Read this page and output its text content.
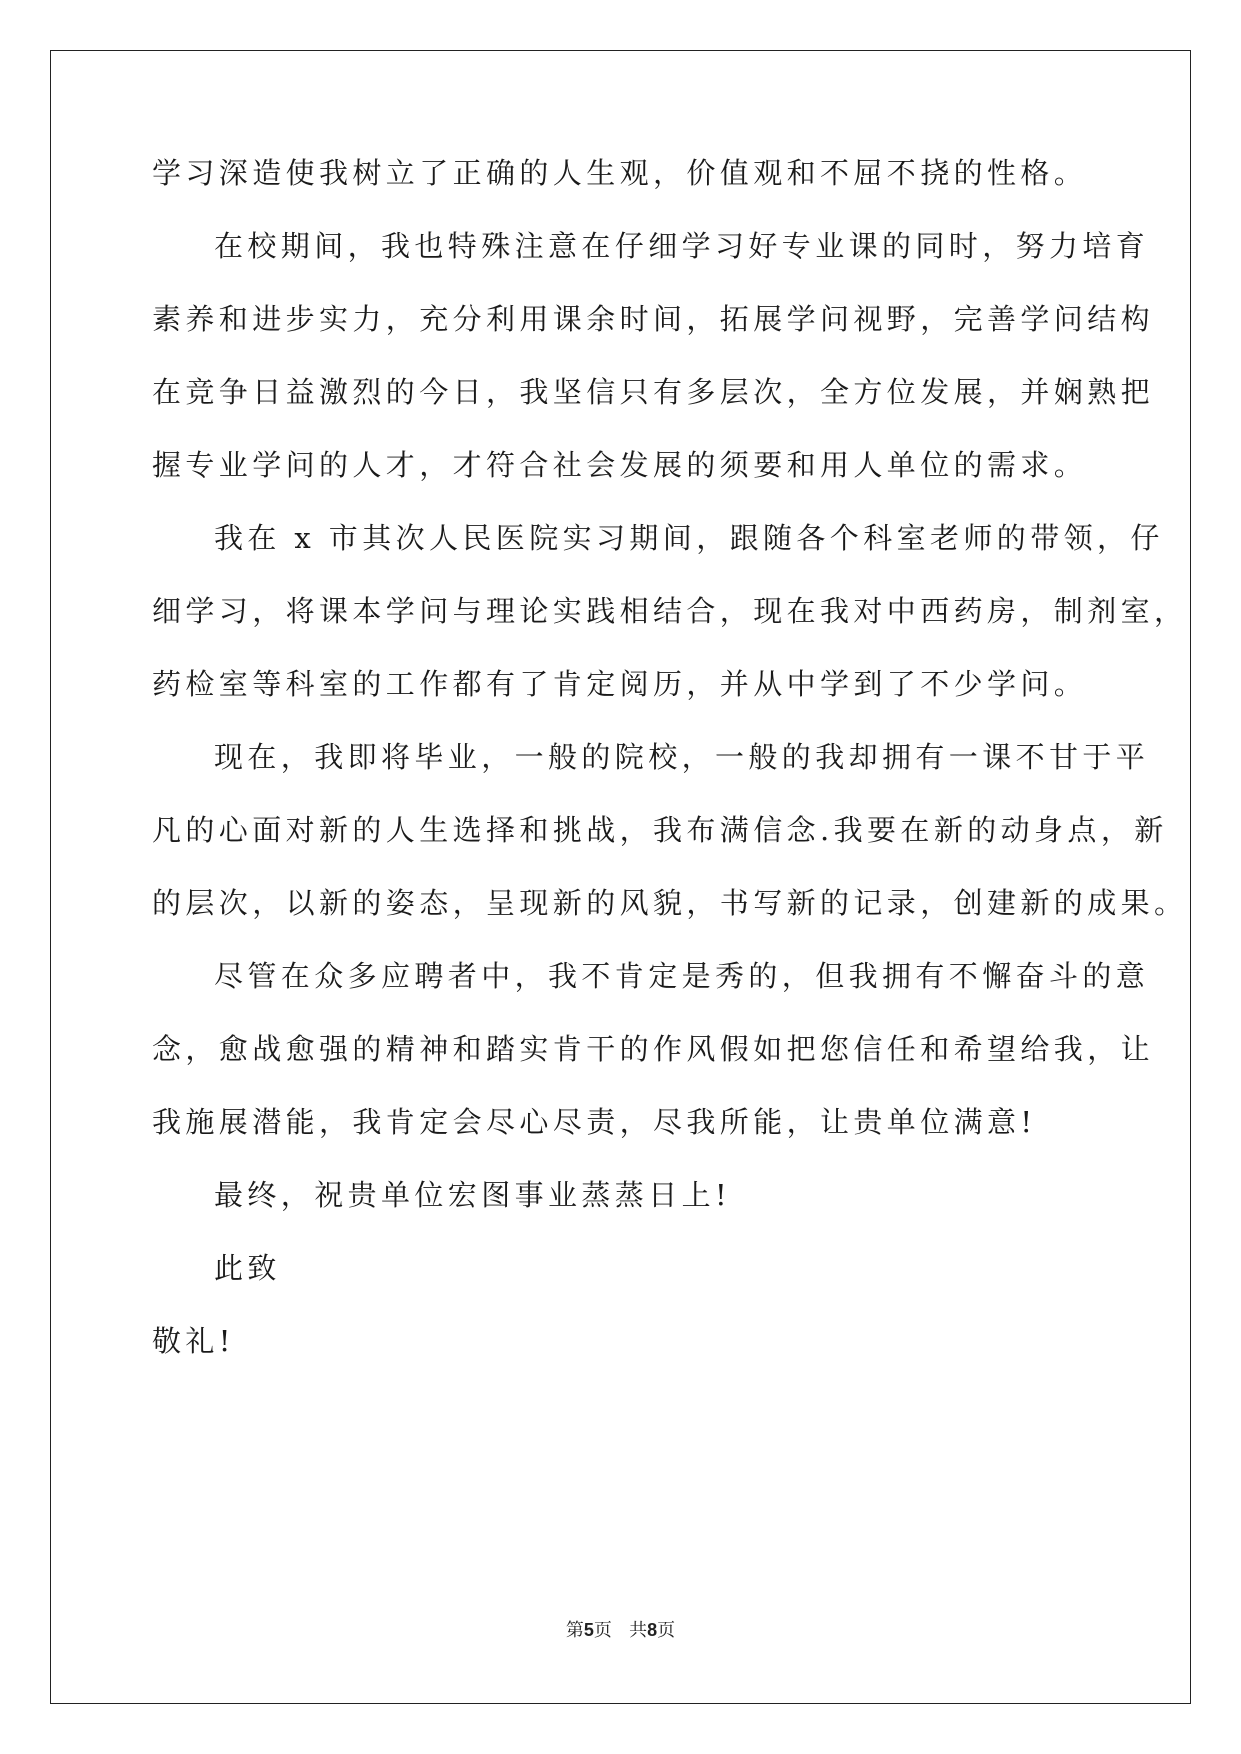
学习深造使我树立了正确的人生观，价值观和不屈不挠的性格。
在校期间，我也特殊注意在仔细学习好专业课的同时，努力培育
素养和进步实力，充分利用课余时间，拓展学问视野，完善学问结构
在竞争日益激烈的今日，我坚信只有多层次，全方位发展，并娴熟把
握专业学问的人才，才符合社会发展的须要和用人单位的需求。
我在 x 市其次人民医院实习期间，跟随各个科室老师的带领，仔
细学习，将课本学问与理论实践相结合，现在我对中西药房，制剂室，
药检室等科室的工作都有了肯定阅历，并从中学到了不少学问。
现在，我即将毕业，一般的院校，一般的我却拥有一课不甘于平
凡的心面对新的人生选择和挑战，我布满信念.我要在新的动身点，新
的层次，以新的姿态，呈现新的风貌，书写新的记录，创建新的成果。
尽管在众多应聘者中，我不肯定是秀的，但我拥有不懈奋斗的意
念，愈战愈强的精神和踏实肯干的作风假如把您信任和希望给我，让
我施展潜能，我肯定会尽心尽责，尽我所能，让贵单位满意!
最终，祝贵单位宏图事业蒸蒸日上!
此致
敬礼!
第5页 共8页
